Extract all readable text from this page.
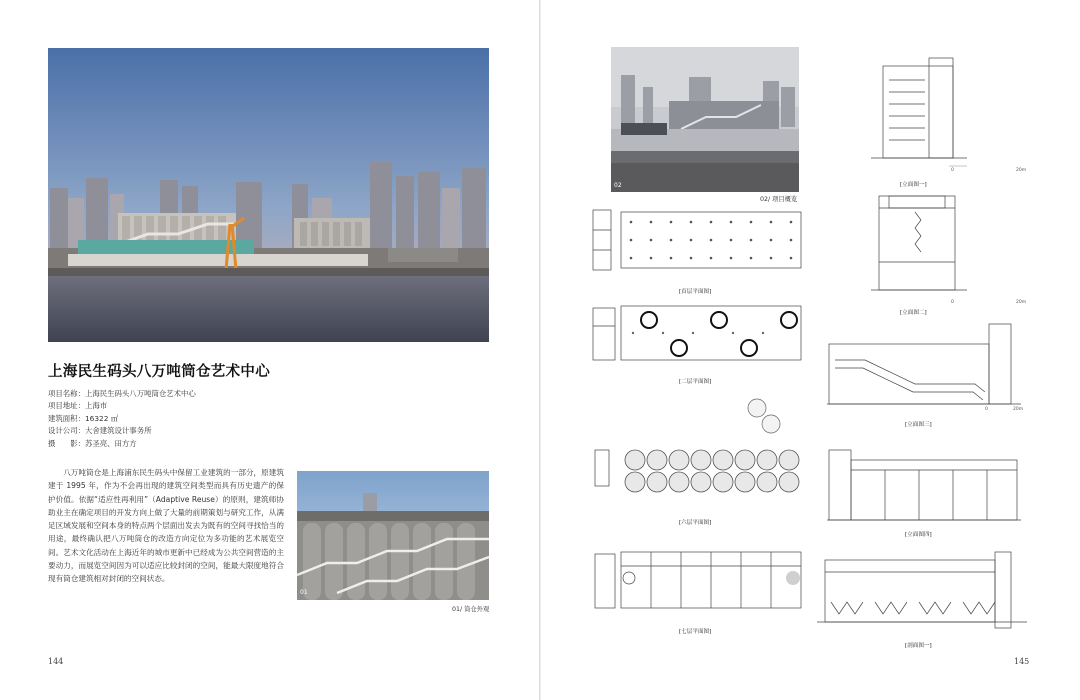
上海民生码头八万吨筒仓艺术中心
项目名称：上海民生码头八万吨筒仓艺术中心
项目地址：上海市
建筑面积：16322 ㎡
设计公司：大舍建筑设计事务所
摄　　影：苏圣亮、田方方
八万吨筒仓是上海浦东民生码头中保留工业建筑的一部分，原建筑建于 1995 年，作为不会再出现的建筑空间类型而具有历史遗产的保护价值。依据“适应性再利用”（Adaptive Reuse）的原则，建筑师协助业主在确定项目的开发方向上做了大量的前期策划与研究工作，从满足区域发展和空间本身的特点两个层面出发去为既有的空间寻找恰当的用途，最终确认把八万吨筒仓的改造方向定位为多功能的艺术展览空间。艺术文化活动在上海近年的城市更新中已经成为公共空间营造的主要动力，而展览空间因为可以适应比较封闭的空间，能最大限度地符合现有筒仓建筑相对封闭的空间状态。
01
01/ 筒仓外观
144
02
02/ 项目概览
[首层平面图]
[二层平面图]
[六层平面图]
[七层平面图]
0	20m
[立面图一]
0	20m
[立面图二]
0	20m
[立面图三]
[立面图四]
[剖面图一]
145
